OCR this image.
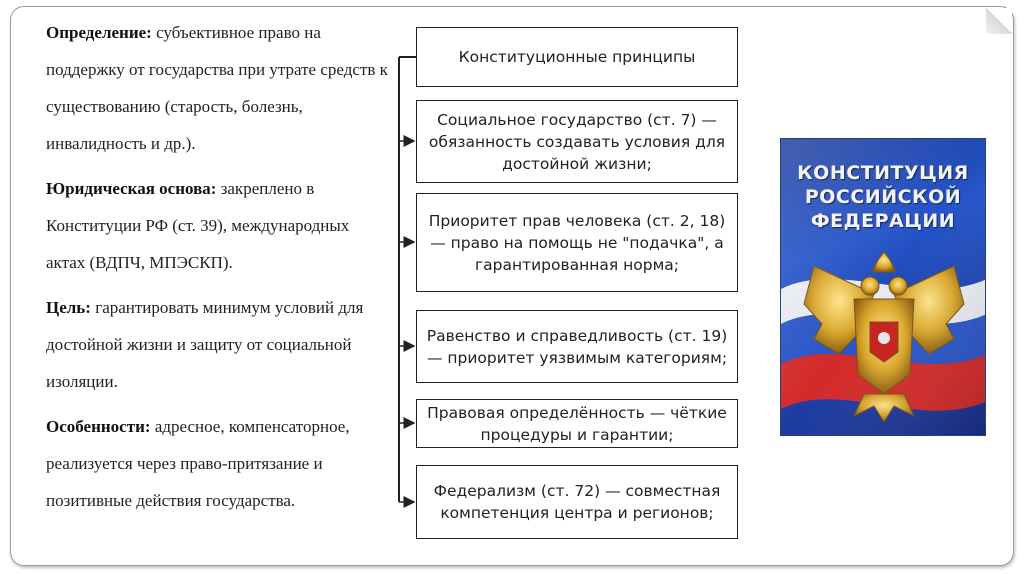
Определение: субъективное право на поддержку от государства при утрате средств к существованию (старость, болезнь, инвалидность и др.).

Юридическая основа: закреплено в Конституции РФ (ст. 39), международных актах (ВДПЧ, МПЭСКП).

Цель: гарантировать минимум условий для достойной жизни и защиту от социальной изоляции.

Особенности: адресное, компенсаторное, реализуется через право-притязание и позитивные действия государства.

Конституционные принципы
Социальное государство (ст. 7) — обязанность создавать условия для достойной жизни;
Приоритет прав человека (ст. 2, 18) — право на помощь не "подачка", а гарантированная норма;
Равенство и справедливость (ст. 19) — приоритет уязвимым категориям;
Правовая определённость — чёткие процедуры и гарантии;
Федерализм (ст. 72) — совместная компетенция центра и регионов;
КОНСТИТУЦИЯ
РОССИЙСКОЙ
ФЕДЕРАЦИИ
